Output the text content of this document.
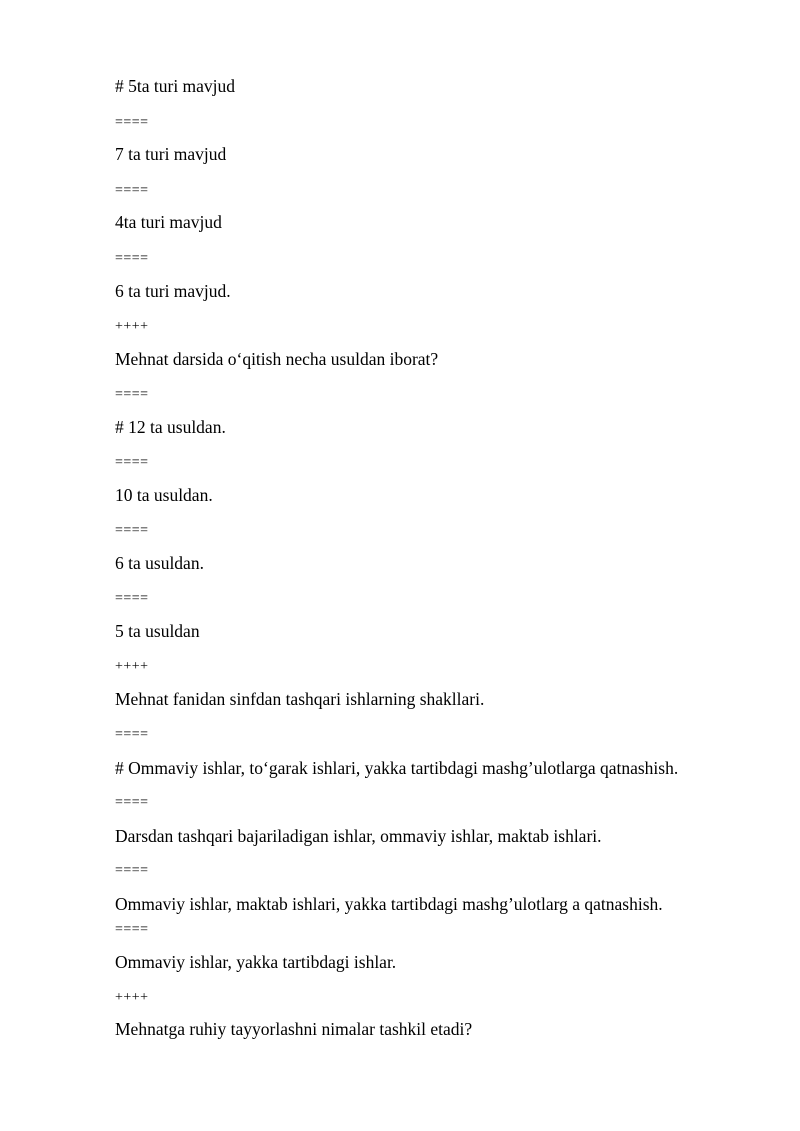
# 5ta turi mavjud

====

7 ta turi mavjud

====

4ta turi mavjud

====

6 ta turi mavjud.

++++

Mehnat darsida o‘qitish necha usuldan iborat?

====

# 12 ta usuldan.

====

10 ta usuldan.

====

6 ta usuldan.

====

5 ta usuldan

++++

Mehnat fanidan sinfdan tashqari ishlarning shakllari.

====

# Ommaviy ishlar, to‘garak ishlari, yakka tartibdagi mashg’ulotlarga qatnashish.

====

Darsdan tashqari bajariladigan ishlar, ommaviy ishlar, maktab ishlari.

====

Ommaviy ishlar, maktab ishlari, yakka tartibdagi mashg’ulotlarg a qatnashish.

====

Ommaviy ishlar, yakka tartibdagi ishlar.

++++

Mehnatga ruhiy tayyorlashni nimalar tashkil etadi?
